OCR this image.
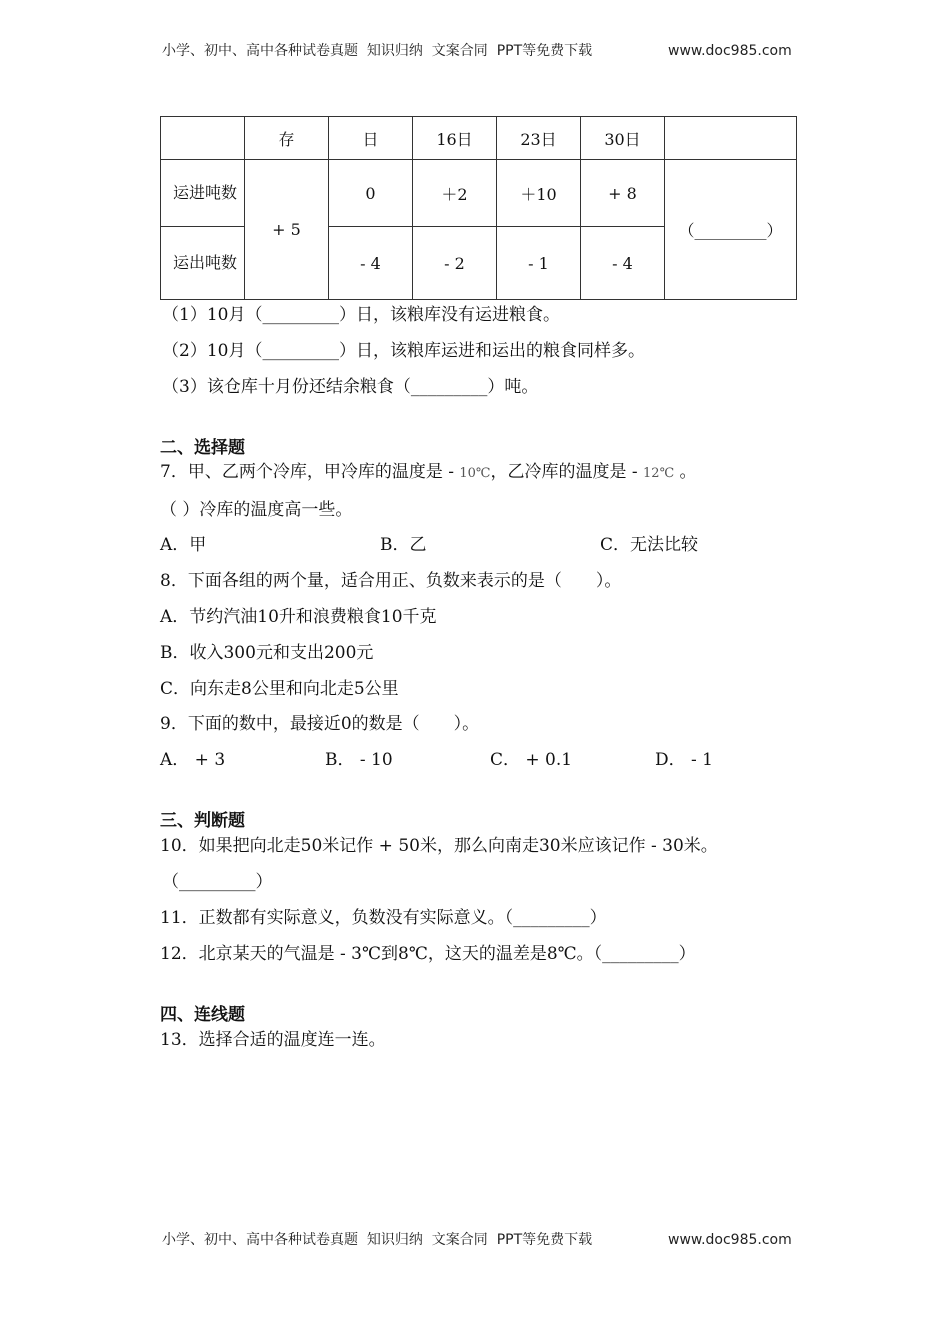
小学、初中、高中各种试卷真题  知识归纳  文案合同  PPT等免费下载	www.doc985.com
	存	日	16日	23日	30日	
运进吨数	+ 5	0	＋2	＋10	+ 8	（_________）
运出吨数		- 4	- 2	- 1	- 4	
（1）10月（_________）日，该粮库没有运进粮食。
（2）10月（_________）日，该粮库运进和运出的粮食同样多。
（3）该仓库十月份还结余粮食（_________）吨。
二、选择题
7．甲、乙两个冷库，甲冷库的温度是 - 10℃，乙冷库的温度是 - 12℃ 。
（ ）冷库的温度高一些。
A．甲	B．乙	C．无法比较
8．下面各组的两个量，适合用正、负数来表示的是（　　）。
A．节约汽油10升和浪费粮食10千克
B．收入300元和支出200元
C．向东走8公里和向北走5公里
9．下面的数中，最接近0的数是（　　）。
A． + 3	B． - 10	C． + 0.1	D． - 1
三、判断题
10．如果把向北走50米记作 + 50米，那么向南走30米应该记作 - 30米。
（_________）
11．正数都有实际意义，负数没有实际意义。（_________）
12．北京某天的气温是 - 3℃到8℃，这天的温差是8℃。（_________）
四、连线题
13．选择合适的温度连一连。
小学、初中、高中各种试卷真题  知识归纳  文案合同  PPT等免费下载	www.doc985.com
